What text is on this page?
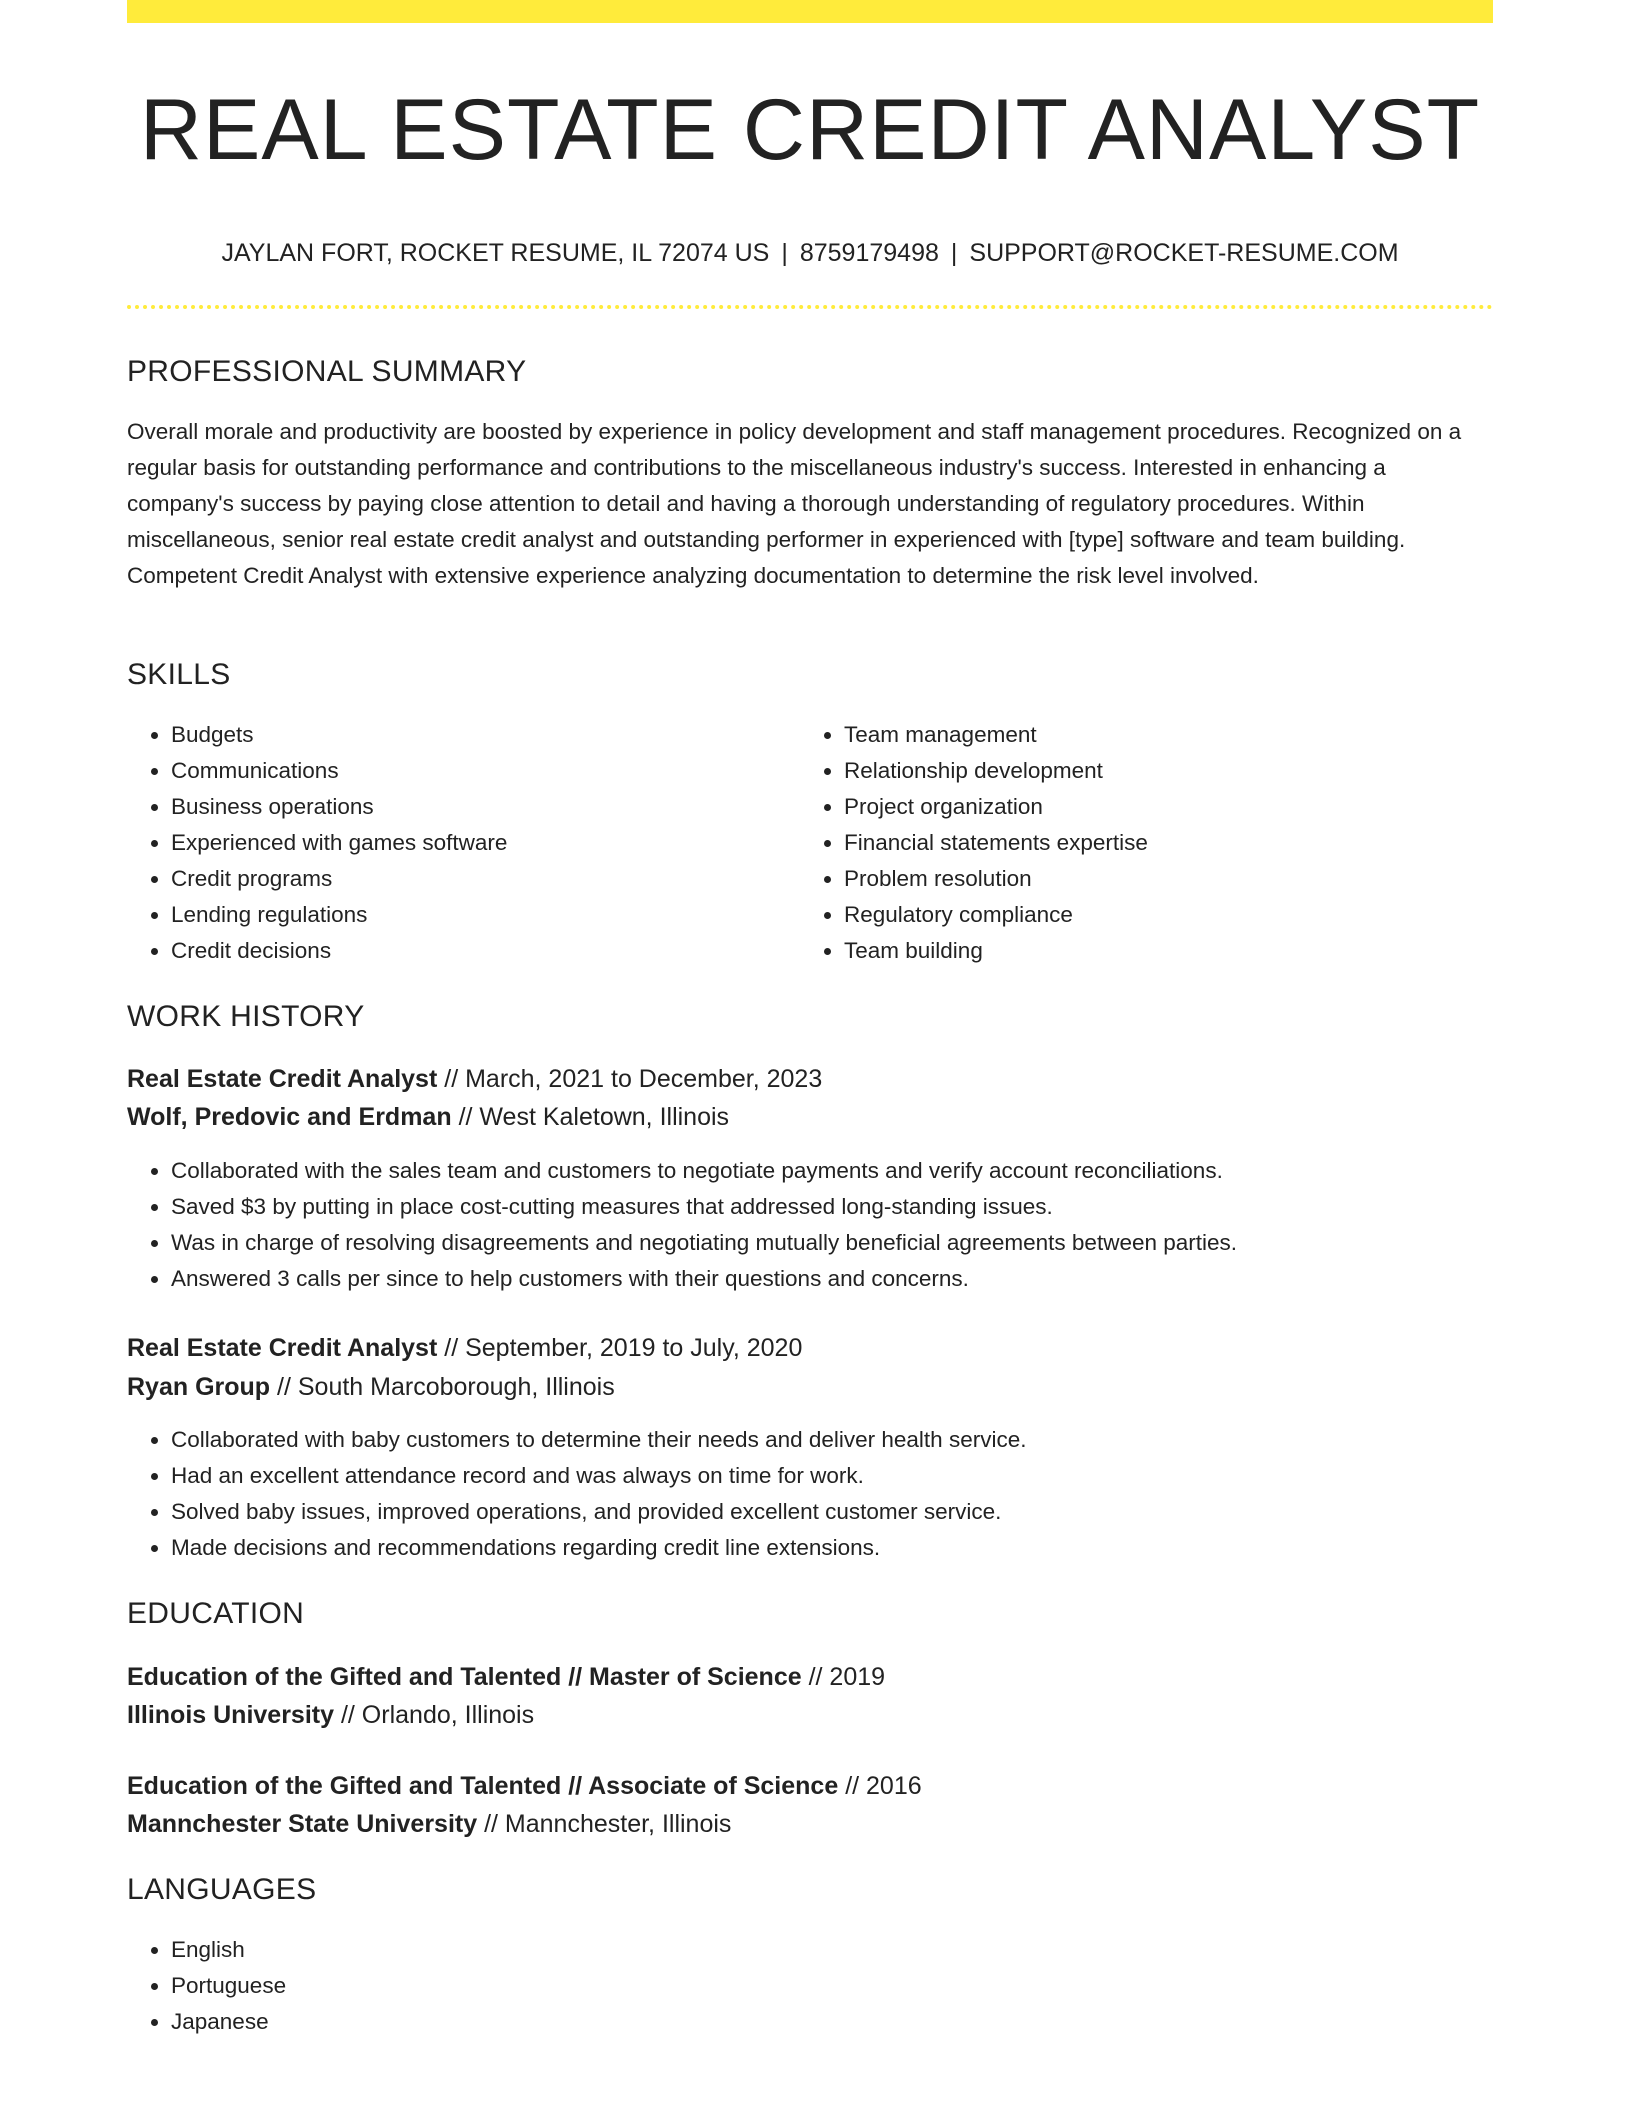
REAL ESTATE CREDIT ANALYST
JAYLAN FORT, ROCKET RESUME, IL 72074 US | 8759179498 | SUPPORT@ROCKET-RESUME.COM
PROFESSIONAL SUMMARY

Overall morale and productivity are boosted by experience in policy development and staff management procedures. Recognized on a regular basis for outstanding performance and contributions to the miscellaneous industry's success. Interested in enhancing a company's success by paying close attention to detail and having a thorough understanding of regulatory procedures. Within miscellaneous, senior real estate credit analyst and outstanding performer in experienced with [type] software and team building. Competent Credit Analyst with extensive experience analyzing documentation to determine the risk level involved.

SKILLS
• Budgets
• Communications
• Business operations
• Experienced with games software
• Credit programs
• Lending regulations
• Credit decisions
• Team management
• Relationship development
• Project organization
• Financial statements expertise
• Problem resolution
• Regulatory compliance
• Team building
WORK HISTORY
Real Estate Credit Analyst // March, 2021 to December, 2023
Wolf, Predovic and Erdman // West Kaletown, Illinois
• Collaborated with the sales team and customers to negotiate payments and verify account reconciliations.
• Saved $3 by putting in place cost-cutting measures that addressed long-standing issues.
• Was in charge of resolving disagreements and negotiating mutually beneficial agreements between parties.
• Answered 3 calls per since to help customers with their questions and concerns.
Real Estate Credit Analyst // September, 2019 to July, 2020
Ryan Group // South Marcoborough, Illinois
• Collaborated with baby customers to determine their needs and deliver health service.
• Had an excellent attendance record and was always on time for work.
• Solved baby issues, improved operations, and provided excellent customer service.
• Made decisions and recommendations regarding credit line extensions.
EDUCATION
Education of the Gifted and Talented // Master of Science // 2019
Illinois University // Orlando, Illinois
Education of the Gifted and Talented // Associate of Science // 2016
Mannchester State University // Mannchester, Illinois
LANGUAGES
• English
• Portuguese
• Japanese
